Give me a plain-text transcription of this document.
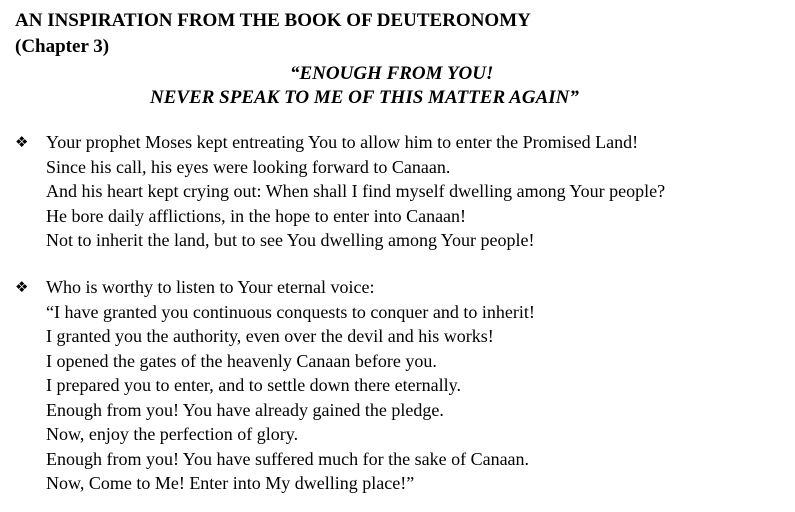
AN INSPIRATION FROM THE BOOK OF DEUTERONOMY
(Chapter 3)
“ENOUGH FROM YOU!
NEVER SPEAK TO ME OF THIS MATTER AGAIN”
❖ Your prophet Moses kept entreating You to allow him to enter the Promised Land!
Since his call, his eyes were looking forward to Canaan.
And his heart kept crying out: When shall I find myself dwelling among Your people?
He bore daily afflictions, in the hope to enter into Canaan!
Not to inherit the land, but to see You dwelling among Your people!
❖ Who is worthy to listen to Your eternal voice:
“I have granted you continuous conquests to conquer and to inherit!
I granted you the authority, even over the devil and his works!
I opened the gates of the heavenly Canaan before you.
I prepared you to enter, and to settle down there eternally.
Enough from you! You have already gained the pledge.
Now, enjoy the perfection of glory.
Enough from you! You have suffered much for the sake of Canaan.
Now, Come to Me! Enter into My dwelling place!”
